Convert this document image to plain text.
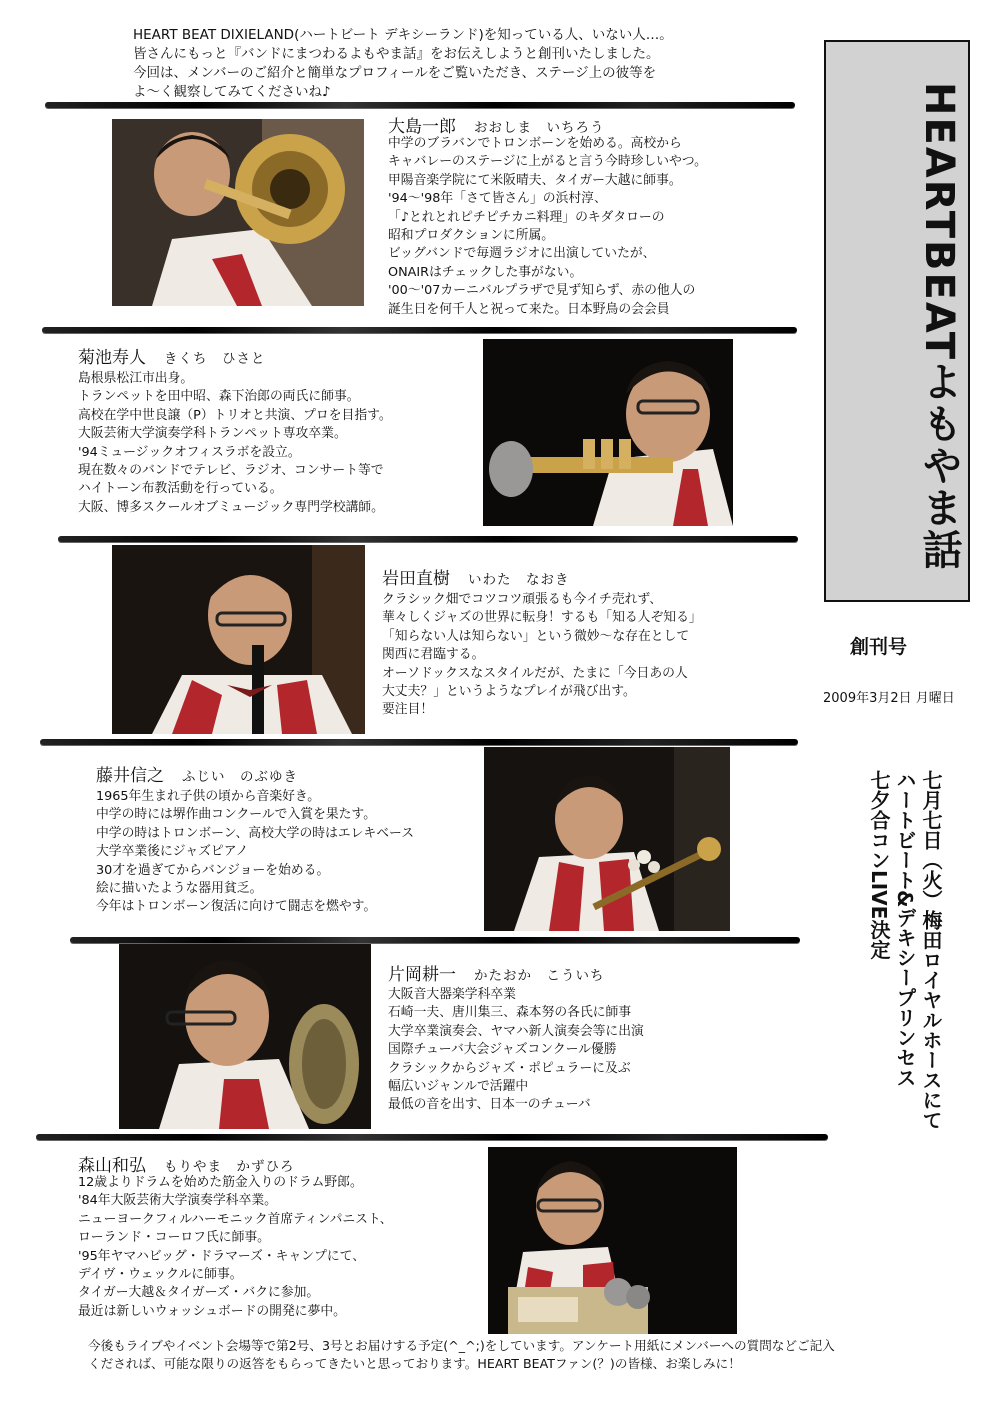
HEART BEAT DIXIELAND(ハートビート デキシーランド)を知っている人、いない人…。
皆さんにもっと『バンドにまつわるよもやま話』をお伝えしようと創刊いたしました。
今回は、メンバーのご紹介と簡単なプロフィールをご覧いただき、ステージ上の彼等を
よ〜く観察してみてくださいね♪
大島一郎 おおしま　いちろう
中学のブラバンでトロンボーンを始める。高校から
キャバレーのステージに上がると言う今時珍しいやつ。
甲陽音楽学院にて米阪晴夫、タイガー大越に師事。
'94〜'98年「さて皆さん」の浜村淳、
「♪とれとれピチピチカニ料理」のキダタローの
昭和プロダクションに所属。
ビッグバンドで毎週ラジオに出演していたが、
ONAIRはチェックした事がない。
'00〜'07カーニバルプラザで見ず知らず、赤の他人の
誕生日を何千人と祝って来た。日本野鳥の会会員
菊池寿人 きくち　ひさと
島根県松江市出身。
トランペットを田中昭、森下治郎の両氏に師事。
高校在学中世良譲（P）トリオと共演、プロを目指す。
大阪芸術大学演奏学科トランペット専攻卒業。
'94ミュージックオフィスラボを設立。
現在数々のバンドでテレビ、ラジオ、コンサート等で
ハイトーン布教活動を行っている。
大阪、博多スクールオブミュージック専門学校講師。
岩田直樹 いわた　なおき
クラシック畑でコツコツ頑張るも今イチ売れず、
華々しくジャズの世界に転身！するも「知る人ぞ知る」
「知らない人は知らない」という微妙〜な存在として
関西に君臨する。
オーソドックスなスタイルだが、たまに「今日あの人
大丈夫？」というようなプレイが飛び出す。
要注目！
藤井信之 ふじい　のぶゆき
1965年生まれ子供の頃から音楽好き。
中学の時には堺作曲コンクールで入賞を果たす。
中学の時はトロンボーン、高校大学の時はエレキベース
大学卒業後にジャズピアノ
30才を過ぎてからバンジョーを始める。
絵に描いたような器用貧乏。
今年はトロンボーン復活に向けて闘志を燃やす。
片岡耕一 かたおか　こういち
大阪音大器楽学科卒業
石崎一夫、唐川集三、森本努の各氏に師事
大学卒業演奏会、ヤマハ新人演奏会等に出演
国際チューバ大会ジャズコンクール優勝
クラシックからジャズ・ポピュラーに及ぶ
幅広いジャンルで活躍中
最低の音を出す、日本一のチューバ
森山和弘 もりやま　かずひろ
12歳よりドラムを始めた筋金入りのドラム野郎。
'84年大阪芸術大学演奏学科卒業。
ニューヨークフィルハーモニック首席ティンパニスト、
ローランド・コーロフ氏に師事。
'95年ヤマハビッグ・ドラマーズ・キャンプにて、
デイヴ・ウェックルに師事。
タイガー大越＆タイガーズ・バクに参加。
最近は新しいウォッシュボードの開発に夢中。
HEARTBEATよもやま話
創刊号
2009年3月2日 月曜日
七月七日（火）梅田ロイヤルホースにて
ハートビート&デキシープリンセス
七夕合コンLIVE決定
今後もライブやイベント会場等で第2号、3号とお届けする予定(^_^;)をしています。アンケート用紙にメンバーへの質問などご記入
くだされば、可能な限りの返答をもらってきたいと思っております。HEART BEATファン(？)の皆様、お楽しみに！
